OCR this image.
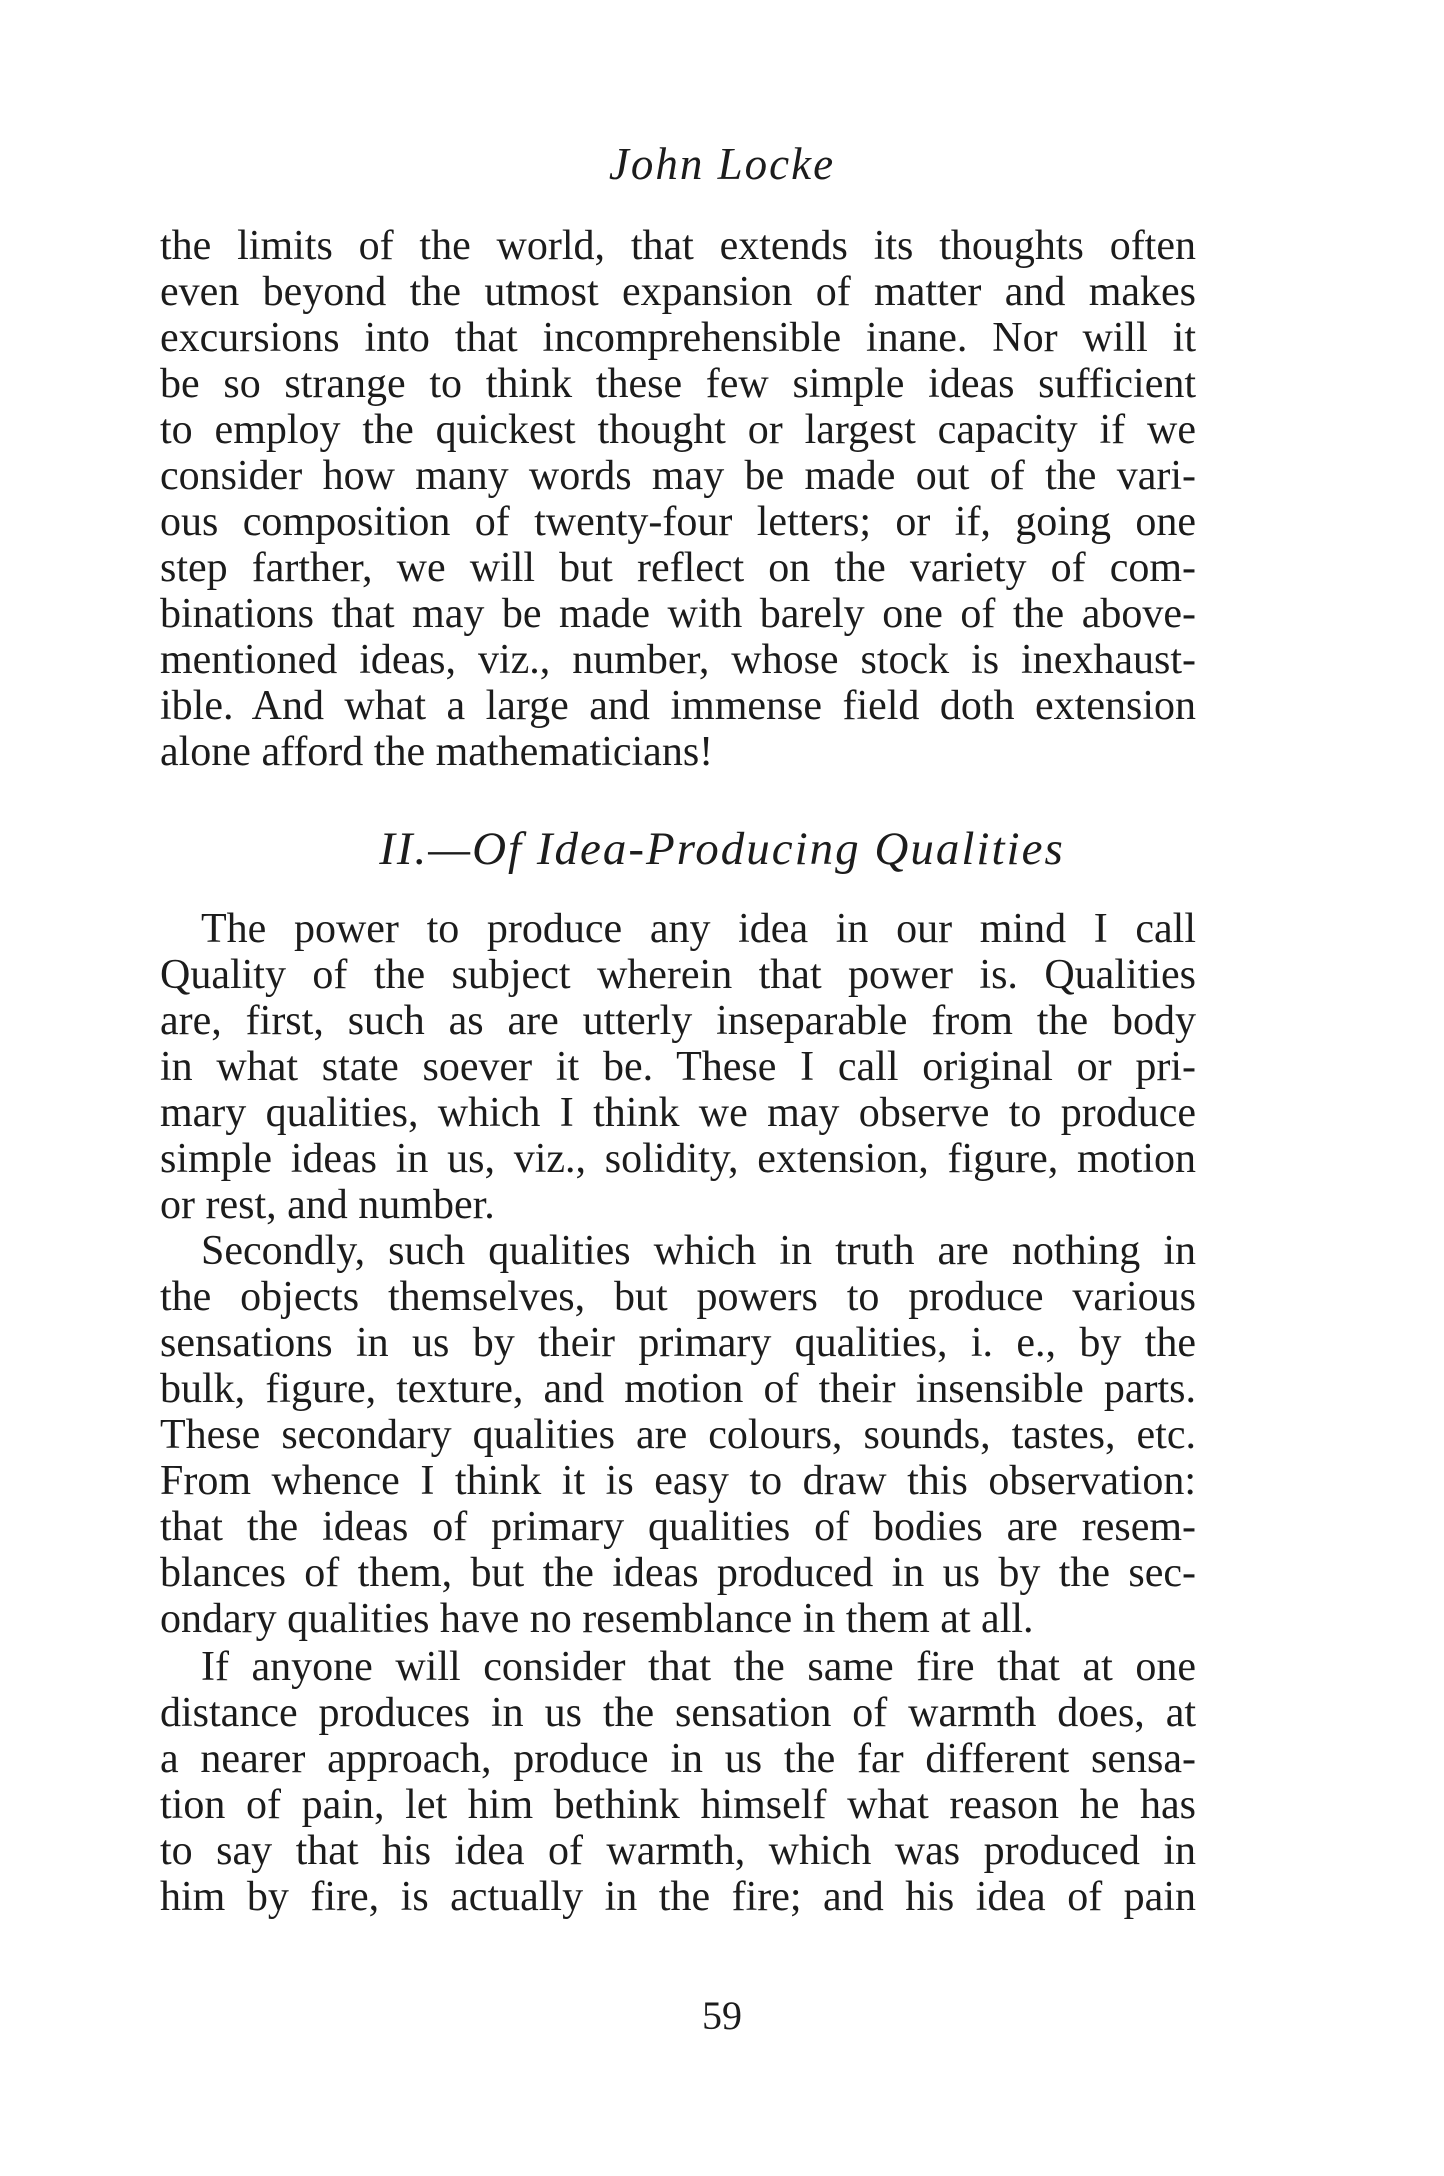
John Locke
the limits of the world, that extends its thoughts often
even beyond the utmost expansion of matter and makes
excursions into that incomprehensible inane. Nor will it
be so strange to think these few simple ideas sufficient
to employ the quickest thought or largest capacity if we
consider how many words may be made out of the vari-
ous composition of twenty-four letters; or if, going one
step farther, we will but reflect on the variety of com-
binations that may be made with barely one of the above-
mentioned ideas, viz., number, whose stock is inexhaust-
ible. And what a large and immense field doth extension
alone afford the mathematicians!
II.—Of Idea-Producing Qualities
The power to produce any idea in our mind I call
Quality of the subject wherein that power is. Qualities
are, first, such as are utterly inseparable from the body
in what state soever it be. These I call original or pri-
mary qualities, which I think we may observe to produce
simple ideas in us, viz., solidity, extension, figure, motion
or rest, and number.
Secondly, such qualities which in truth are nothing in
the objects themselves, but powers to produce various
sensations in us by their primary qualities, i. e., by the
bulk, figure, texture, and motion of their insensible parts.
These secondary qualities are colours, sounds, tastes, etc.
From whence I think it is easy to draw this observation:
that the ideas of primary qualities of bodies are resem-
blances of them, but the ideas produced in us by the sec-
ondary qualities have no resemblance in them at all.
If anyone will consider that the same fire that at one
distance produces in us the sensation of warmth does, at
a nearer approach, produce in us the far different sensa-
tion of pain, let him bethink himself what reason he has
to say that his idea of warmth, which was produced in
him by fire, is actually in the fire; and his idea of pain
59
